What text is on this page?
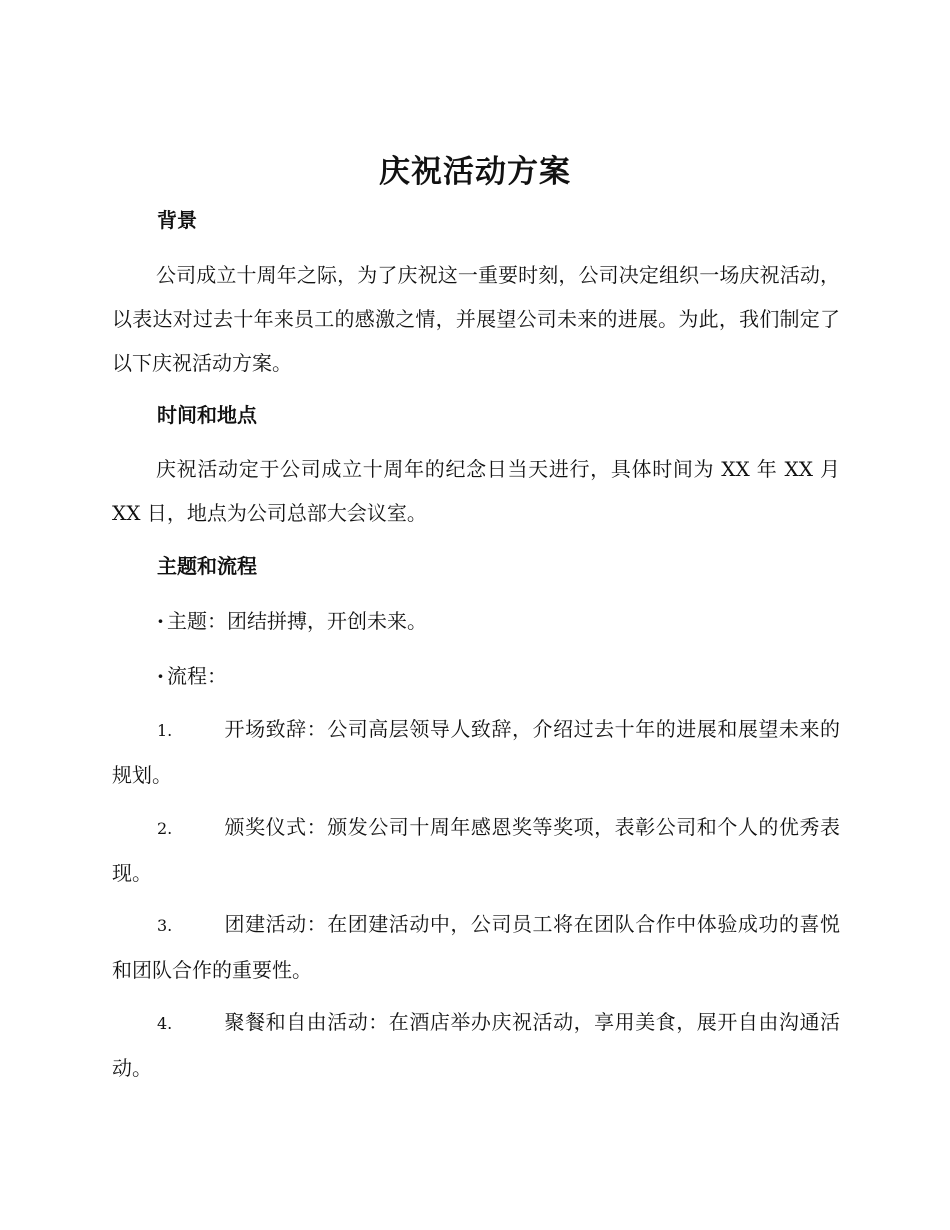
庆祝活动方案
背景

公司成立十周年之际，为了庆祝这一重要时刻，公司决定组织一场庆祝活动，以表达对过去十年来员工的感激之情，并展望公司未来的进展。为此，我们制定了以下庆祝活动方案。

时间和地点

庆祝活动定于公司成立十周年的纪念日当天进行，具体时间为 XX 年 XX 月 XX 日，地点为公司总部大会议室。

主题和流程
· 主题：团结拼搏，开创未来。
· 流程：

1.	开场致辞：公司高层领导人致辞，介绍过去十年的进展和展望未来的规划。

2.	颁奖仪式：颁发公司十周年感恩奖等奖项，表彰公司和个人的优秀表现。

3.	团建活动：在团建活动中，公司员工将在团队合作中体验成功的喜悦和团队合作的重要性。

4.	聚餐和自由活动：在酒店举办庆祝活动，享用美食，展开自由沟通活动。
